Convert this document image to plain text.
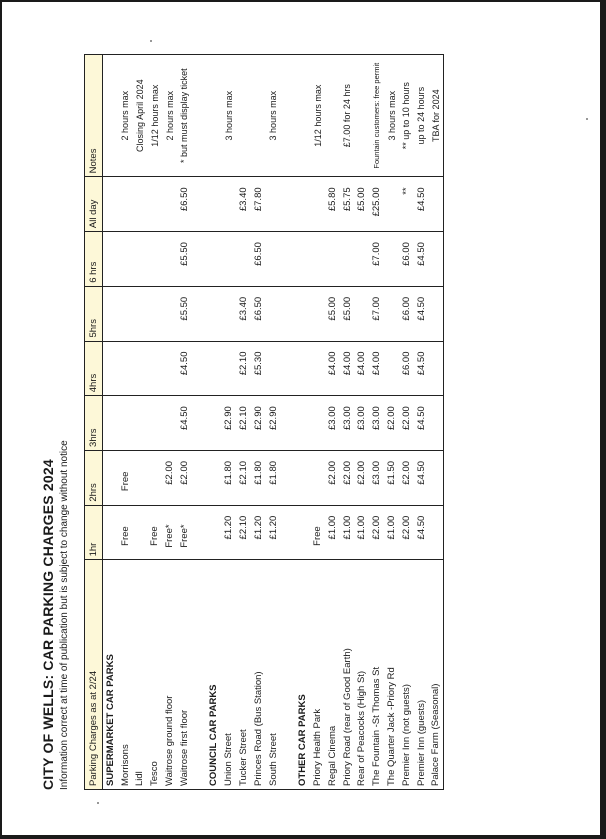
CITY OF WELLS: CAR PARKING CHARGES 2024 Information correct at time of publication but is subject to change without notice Parking Charges as at 2/24	1hr	2hrs	3hrs	4hrs	5hrs	6 hrs	All day	Notes
SUPERMARKET CAR PARKS								
Morrisons	Free	Free						2 hours max
Lidl								Closing April 2024
Tesco	Free							1/12 hours max
Waitrose ground floor	Free*	£2.00						2 hours max
Waitrose first floor	Free*	£2.00	£4.50	£4.50	£5.50	£5.50	£6.50	* but must display ticket

COUNCIL CAR PARKS								
Union Street	£1.20	£1.80	£2.90					3 hours max
Tucker Street	£2.10	£2.10	£2.10	£2.10	£3.40		£3.40	
Princes Road (Bus Station)	£1.20	£1.80	£2.90	£5.30	£6.50	£6.50	£7.80	
South Street	£1.20	£1.80	£2.90					3 hours max

OTHER CAR PARKS								
Priory Health Park	Free							1/12 hours max
Regal Cinema	£1.00	£2.00	£3.00	£4.00	£5.00		£5.80	
Priory Road (rear of Good Earth)	£1.00	£2.00	£3.00	£4.00	£5.00		£5.75	£7.00 for 24 hrs
Rear of Peacocks (High St)	£1.00	£2.00	£3.00	£4.00			£5.00	
The Fountain -St Thomas St	£2.00	£3.00	£3.00	£4.00	£7.00	£7.00	£25.00	Fountain customers: free permit
The Quarter Jack -Priory Rd	£1.00	£1.50	£2.00					3 hours max
Premier Inn (not guests)	£2.00	£2.00	£2.00	£6.00	£6.00	£6.00	**	** up to 10 hours
Premier Inn (guests)	£4.50	£4.50	£4.50	£4.50	£4.50	£4.50	£4.50	up to 24 hours
Palace Farm (Seasonal)								TBA for 2024
